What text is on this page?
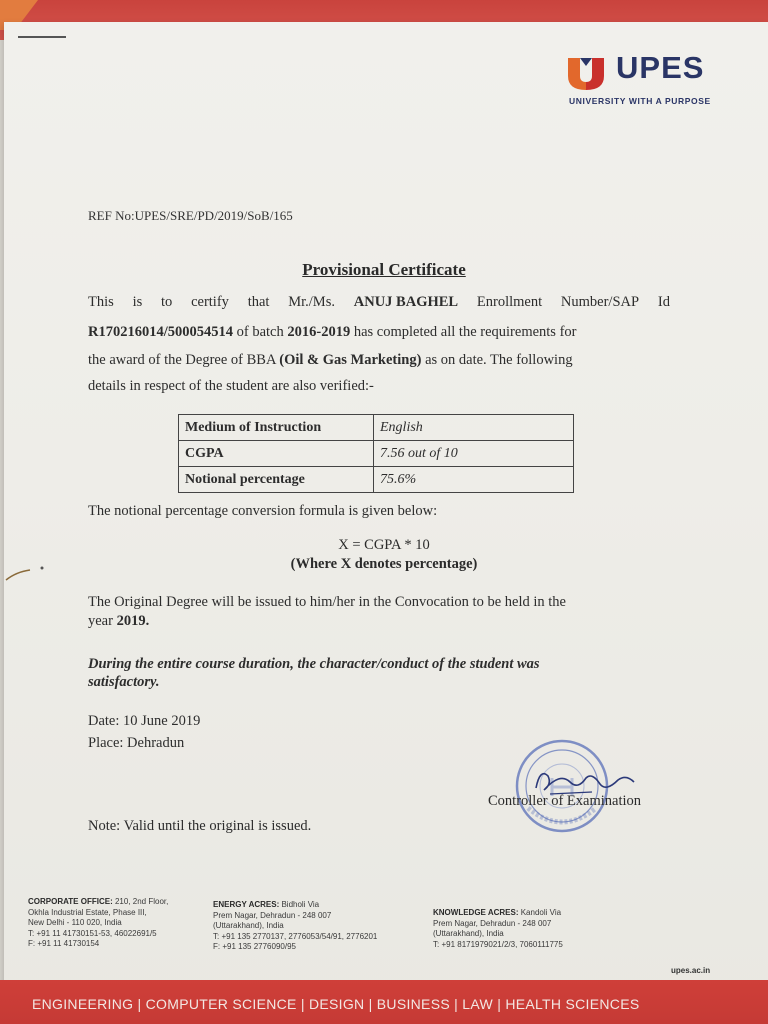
UPES
UNIVERSITY WITH A PURPOSE
REF No:UPES/SRE/PD/2019/SoB/165
Provisional Certificate
This is to certify that Mr./Ms. ANUJ BAGHEL Enrollment Number/SAP Id
R170216014/500054514 of batch 2016-2019 has completed all the requirements for
the award of the Degree of BBA (Oil & Gas Marketing) as on date. The following
details in respect of the student are also verified:-
Medium of Instruction	English
CGPA	7.56 out of 10
Notional percentage	75.6%
The notional percentage conversion formula is given below:
X = CGPA * 10
(Where X denotes percentage)
The Original Degree will be issued to him/her in the Convocation to be held in the
year 2019.
During the entire course duration, the character/conduct of the student was
satisfactory.
Date: 10 June 2019
Place: Dehradun
Controller of Examination
Note: Valid until the original is issued.
CORPORATE OFFICE: 210, 2nd Floor,
Okhla Industrial Estate, Phase III,
New Delhi - 110 020, India
T: +91 11 41730151-53, 46022691/5
F: +91 11 41730154
ENERGY ACRES: Bidholi Via
Prem Nagar, Dehradun - 248 007
(Uttarakhand), India
T: +91 135 2770137, 2776053/54/91, 2776201
F: +91 135 2776090/95
KNOWLEDGE ACRES: Kandoli Via
Prem Nagar, Dehradun - 248 007
(Uttarakhand), India
T: +91 8171979021/2/3, 7060111775
upes.ac.in
ENGINEERING | COMPUTER SCIENCE | DESIGN | BUSINESS | LAW | HEALTH SCIENCES
